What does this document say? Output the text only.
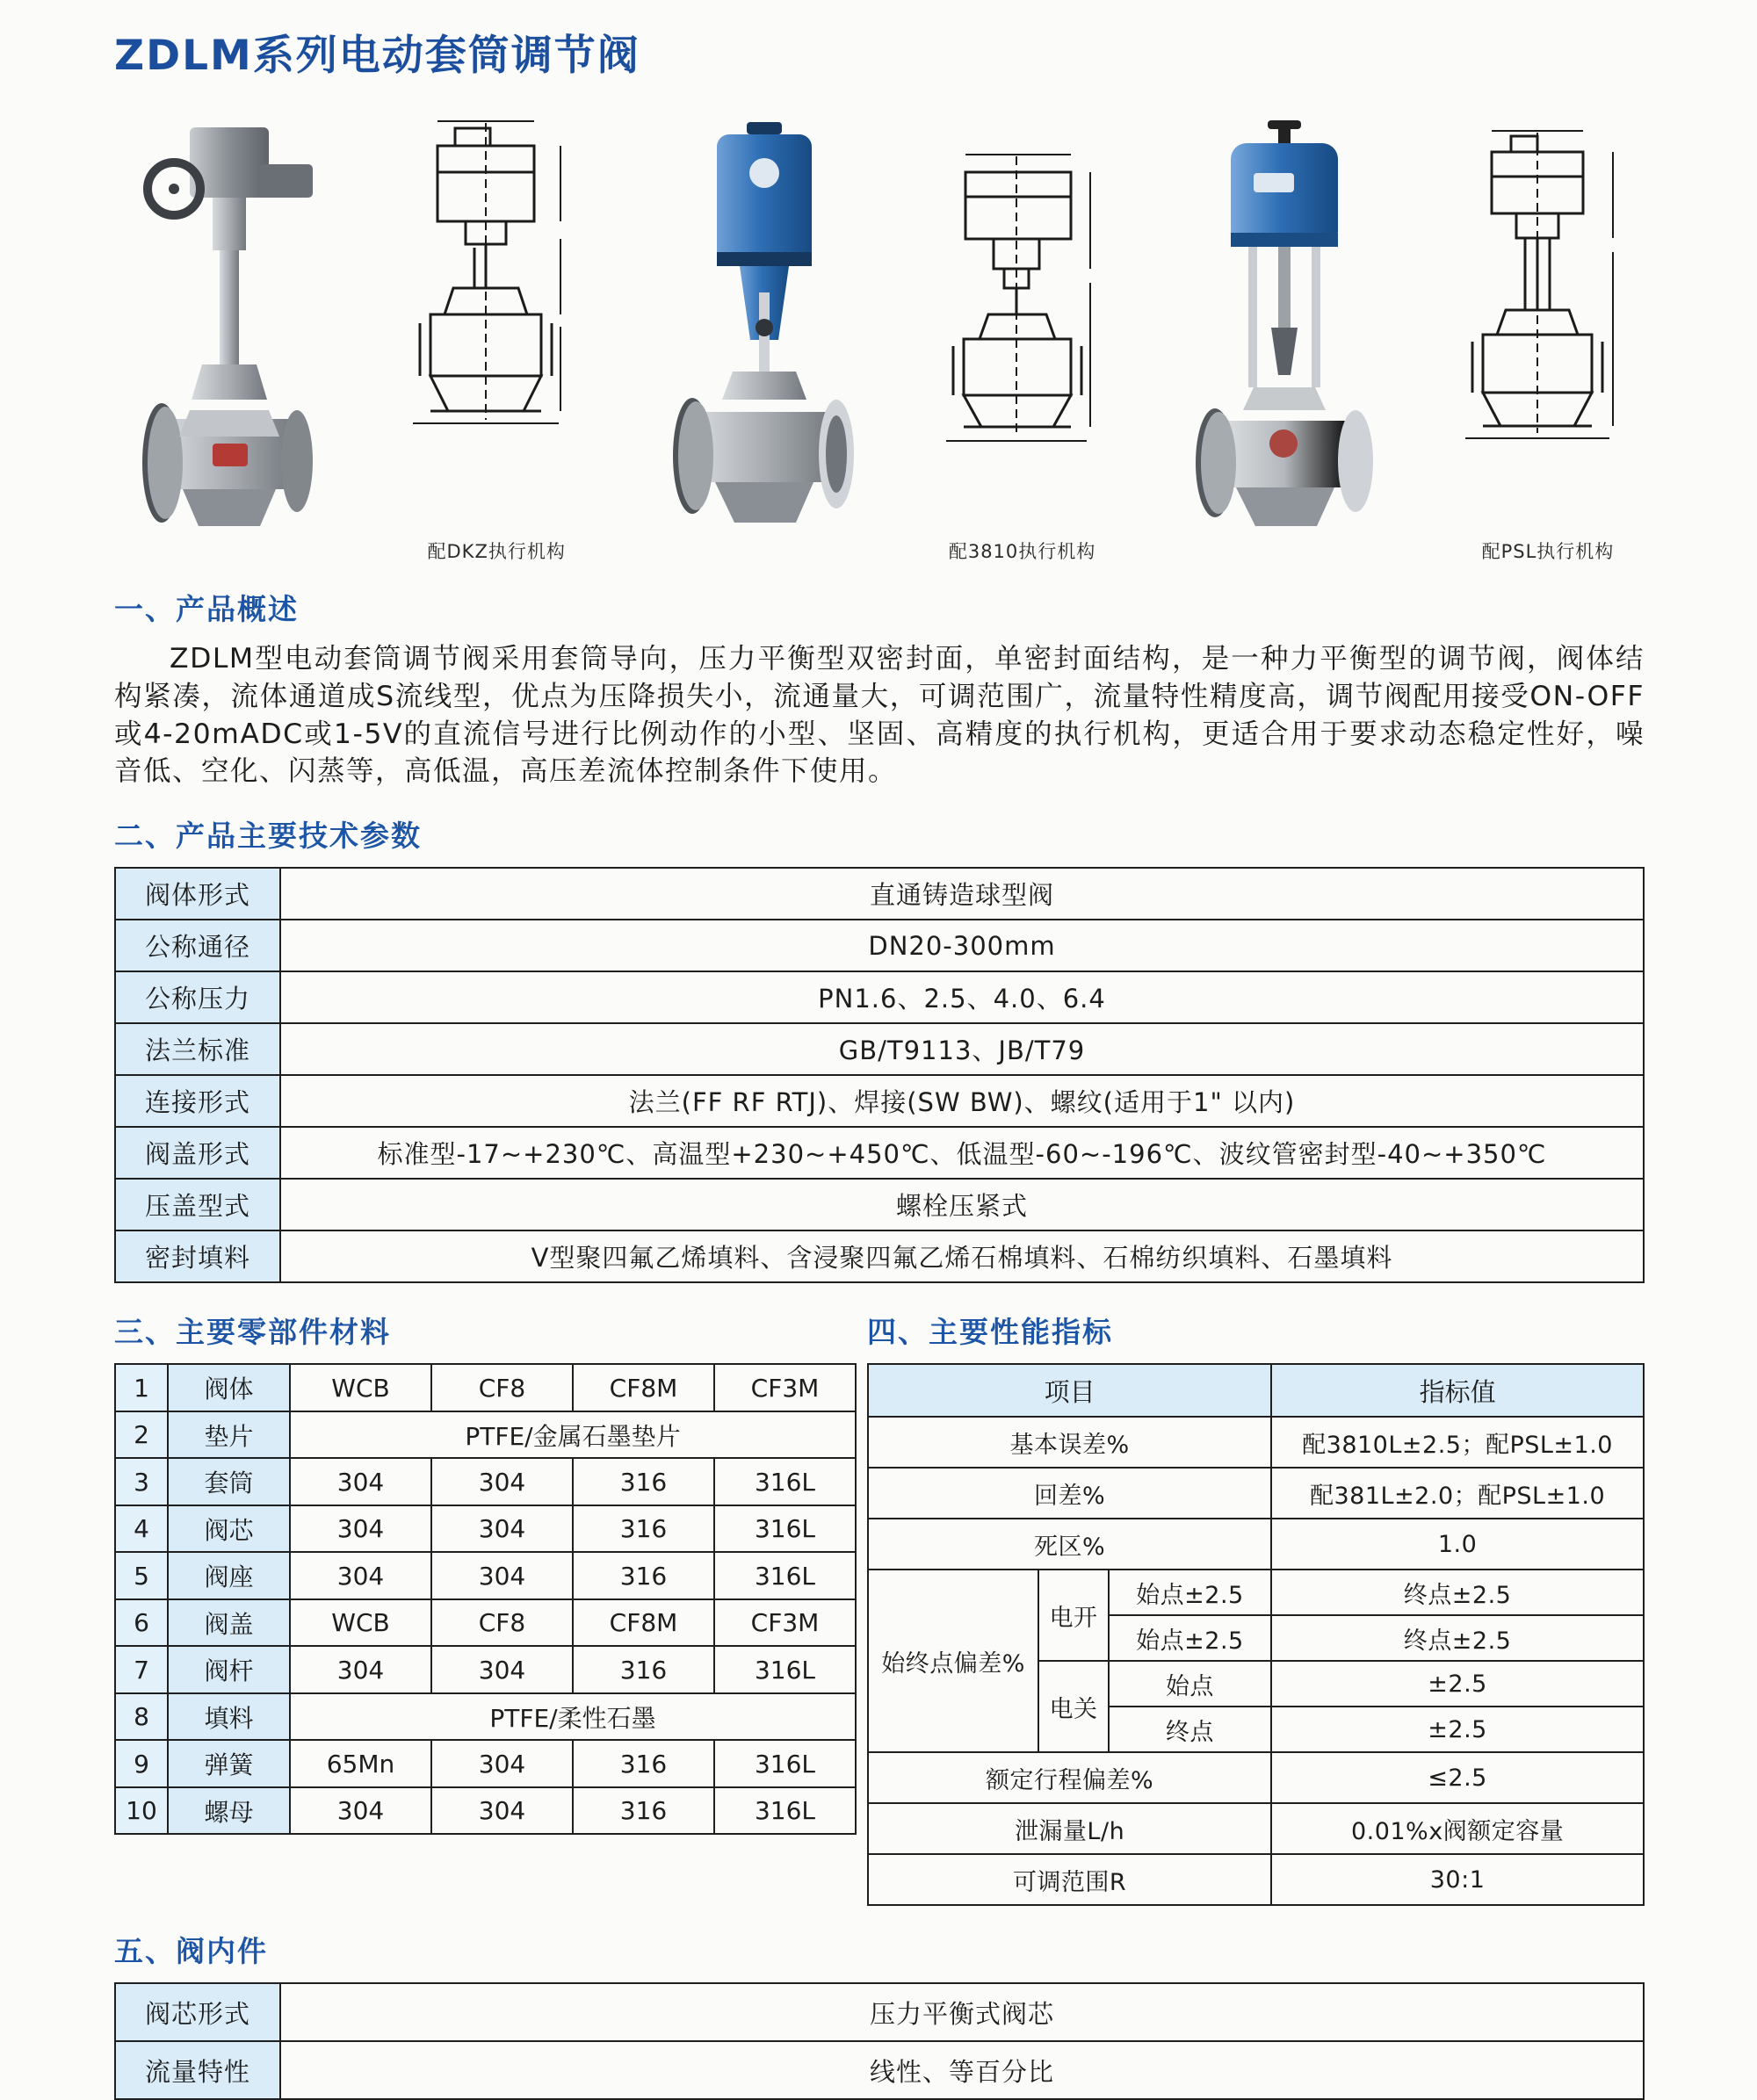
ZDLM系列电动套筒调节阀
配DKZ执行机构	配3810执行机构	配PSL执行机构
一、产品概述

ZDLM型电动套筒调节阀采用套筒导向，压力平衡型双密封面，单密封面结构，是一种力平衡型的调节阀，阀体结构紧凑，流体通道成S流线型，优点为压降损失小，流通量大，可调范围广，流量特性精度高，调节阀配用接受ON-OFF或4-20mADC或1-5V的直流信号进行比例动作的小型、坚固、高精度的执行机构，更适合用于要求动态稳定性好，噪音低、空化、闪蒸等，高低温，高压差流体控制条件下使用。

二、产品主要技术参数
阀体形式	直通铸造球型阀
公称通径	DN20-300mm
公称压力	PN1.6、2.5、4.0、6.4
法兰标准	GB/T9113、JB/T79
连接形式	法兰(FF RF RTJ)、焊接(SW BW)、螺纹(适用于1" 以内)
阀盖形式	标准型-17~+230℃、高温型+230~+450℃、低温型-60~-196℃、波纹管密封型-40~+350℃
压盖型式	螺栓压紧式
密封填料	V型聚四氟乙烯填料、含浸聚四氟乙烯石棉填料、石棉纺织填料、石墨填料
三、主要零部件材料
1	阀体	WCB	CF8	CF8M	CF3M
2	垫片	PTFE/金属石墨垫片			
3	套筒	304	304	316	316L
4	阀芯	304	304	316	316L
5	阀座	304	304	316	316L
6	阀盖	WCB	CF8	CF8M	CF3M
7	阀杆	304	304	316	316L
8	填料	PTFE/柔性石墨			
9	弹簧	65Mn	304	316	316L
10	螺母	304	304	316	316L
四、主要性能指标
项目			指标值
基本误差%			配3810L±2.5；配PSL±1.0
回差%			配381L±2.0；配PSL±1.0
死区%			1.0
始终点偏差%	电开	始点±2.5	终点±2.5
		始点±2.5	终点±2.5
	电关	始点	±2.5
		终点	±2.5
额定行程偏差%			≤2.5
泄漏量L/h			0.01%x阀额定容量
可调范围R			30:1
五、阀内件
阀芯形式	压力平衡式阀芯
流量特性	线性、等百分比
